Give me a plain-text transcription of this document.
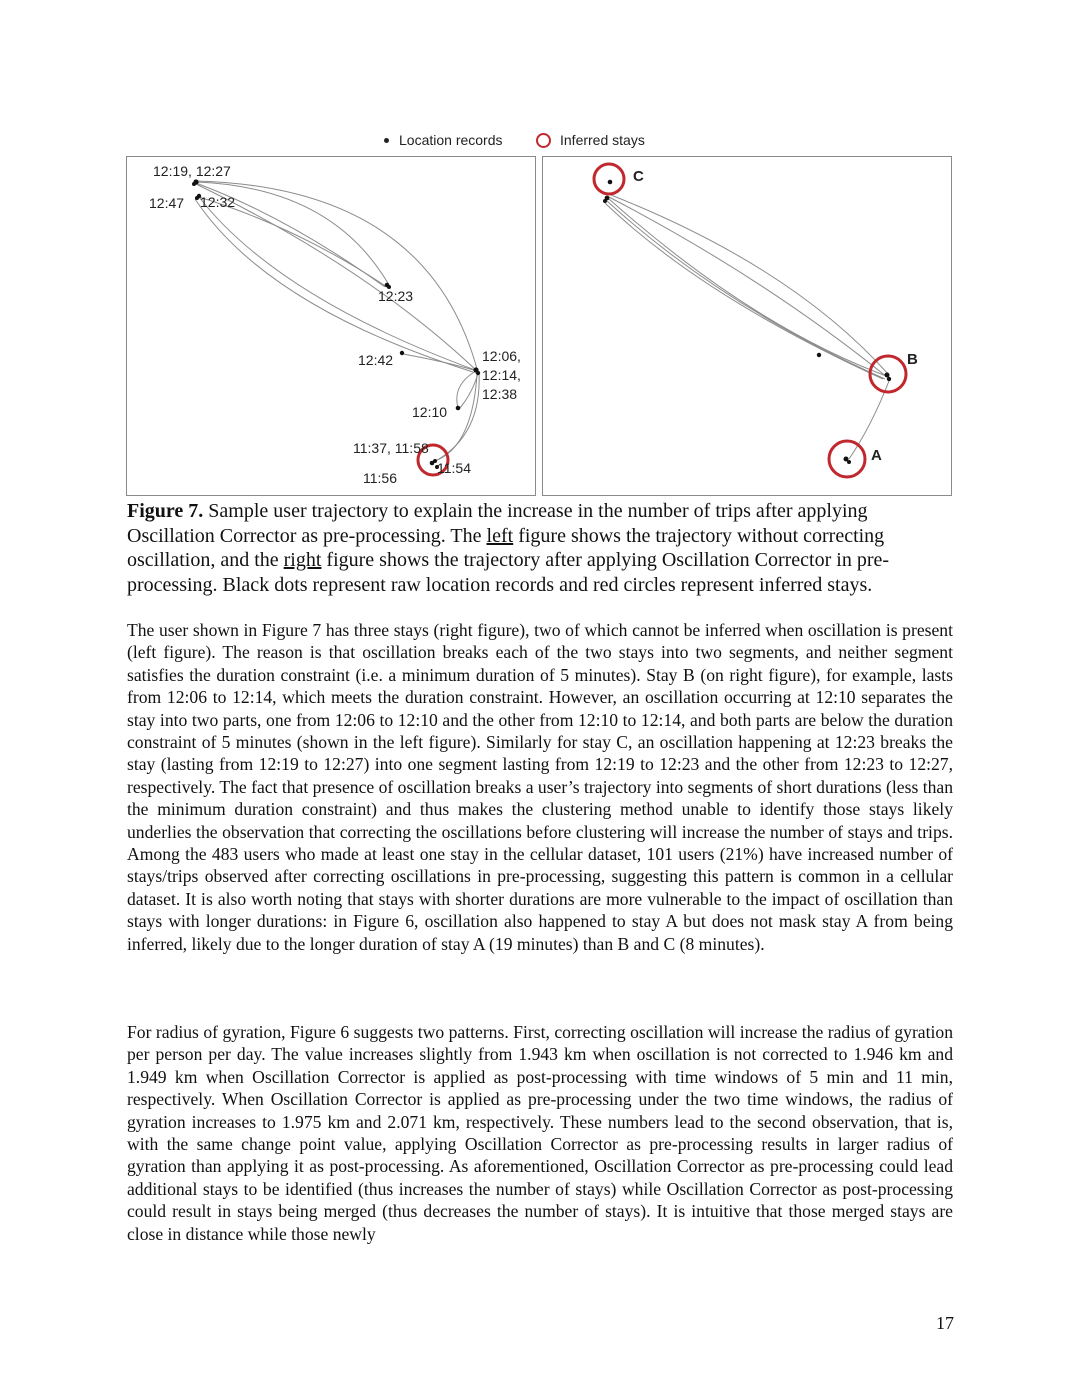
Location records	Inferred stays
12:19, 12:27
12:47 12:32
12:23
12:42	12:06,
12:14,
12:38
12:10
11:37, 11:58
11:54
11:56
C
B
A
Figure 7. Sample user trajectory to explain the increase in the number of trips after applying Oscillation Corrector as pre-processing. The left figure shows the trajectory without correcting oscillation, and the right figure shows the trajectory after applying Oscillation Corrector in pre-processing. Black dots represent raw location records and red circles represent inferred stays.

The user shown in Figure 7 has three stays (right figure), two of which cannot be inferred when oscillation is present (left figure). The reason is that oscillation breaks each of the two stays into two segments, and neither segment satisfies the duration constraint (i.e. a minimum duration of 5 minutes). Stay B (on right figure), for example, lasts from 12:06 to 12:14, which meets the duration constraint. However, an oscillation occurring at 12:10 separates the stay into two parts, one from 12:06 to 12:10 and the other from 12:10 to 12:14, and both parts are below the duration constraint of 5 minutes (shown in the left figure). Similarly for stay C, an oscillation happening at 12:23 breaks the stay (lasting from 12:19 to 12:27) into one segment lasting from 12:19 to 12:23 and the other from 12:23 to 12:27, respectively. The fact that presence of oscillation breaks a user’s trajectory into segments of short durations (less than the minimum duration constraint) and thus makes the clustering method unable to identify those stays likely underlies the observation that correcting the oscillations before clustering will increase the number of stays and trips. Among the 483 users who made at least one stay in the cellular dataset, 101 users (21%) have increased number of stays/trips observed after correcting oscillations in pre-processing, suggesting this pattern is common in a cellular dataset. It is also worth noting that stays with shorter durations are more vulnerable to the impact of oscillation than stays with longer durations: in Figure 6, oscillation also happened to stay A but does not mask stay A from being inferred, likely due to the longer duration of stay A (19 minutes) than B and C (8 minutes).

For radius of gyration, Figure 6 suggests two patterns. First, correcting oscillation will increase the radius of gyration per person per day. The value increases slightly from 1.943 km when oscillation is not corrected to 1.946 km and 1.949 km when Oscillation Corrector is applied as post-processing with time windows of 5 min and 11 min, respectively. When Oscillation Corrector is applied as pre-processing under the two time windows, the radius of gyration increases to 1.975 km and 2.071 km, respectively. These numbers lead to the second observation, that is, with the same change point value, applying Oscillation Corrector as pre-processing results in larger radius of gyration than applying it as post-processing. As aforementioned, Oscillation Corrector as pre-processing could lead additional stays to be identified (thus increases the number of stays) while Oscillation Corrector as post-processing could result in stays being merged (thus decreases the number of stays). It is intuitive that those merged stays are close in distance while those newly

17
